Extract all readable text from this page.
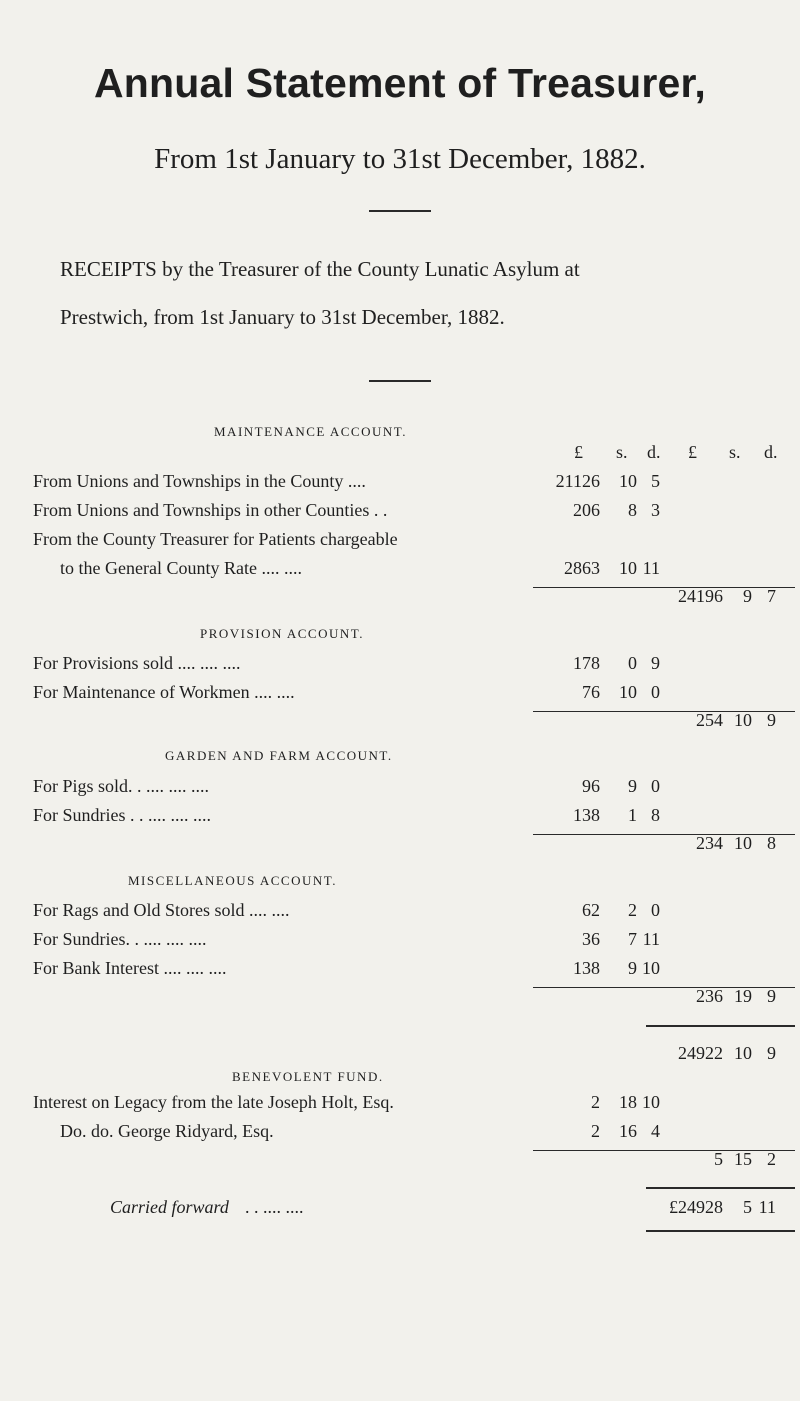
Annual Statement of Treasurer,
From 1st January to 31st December, 1882.
RECEIPTS by the Treasurer of the County Lunatic Asylum at
Prestwich, from 1st January to 31st December, 1882.
MAINTENANCE ACCOUNT.
£ s. d. £ s. d.
From Unions and Townships in the County ....	21126 10 5
From Unions and Townships in other Counties . .	206 8 3
From the County Treasurer for Patients chargeable
to the General County Rate .... ....	2863 10 11
24196 9 7
PROVISION ACCOUNT.
For Provisions sold .... .... ....	178 0 9
For Maintenance of Workmen .... ....	76 10 0
254 10 9
GARDEN AND FARM ACCOUNT.
For Pigs sold. . .... .... ....	96 9 0
For Sundries . . .... .... ....	138 1 8
234 10 8
MISCELLANEOUS ACCOUNT.
For Rags and Old Stores sold .... ....	62 2 0
For Sundries. . .... .... ....	36 7 11
For Bank Interest .... .... ....	138 9 10
236 19 9
24922 10 9
BENEVOLENT FUND.
Interest on Legacy from the late Joseph Holt, Esq.	2 18 10
Do. do. George Ridyard, Esq.	2 16 4
5 15 2
Carried forward . . .... ....	£24928 5 11
